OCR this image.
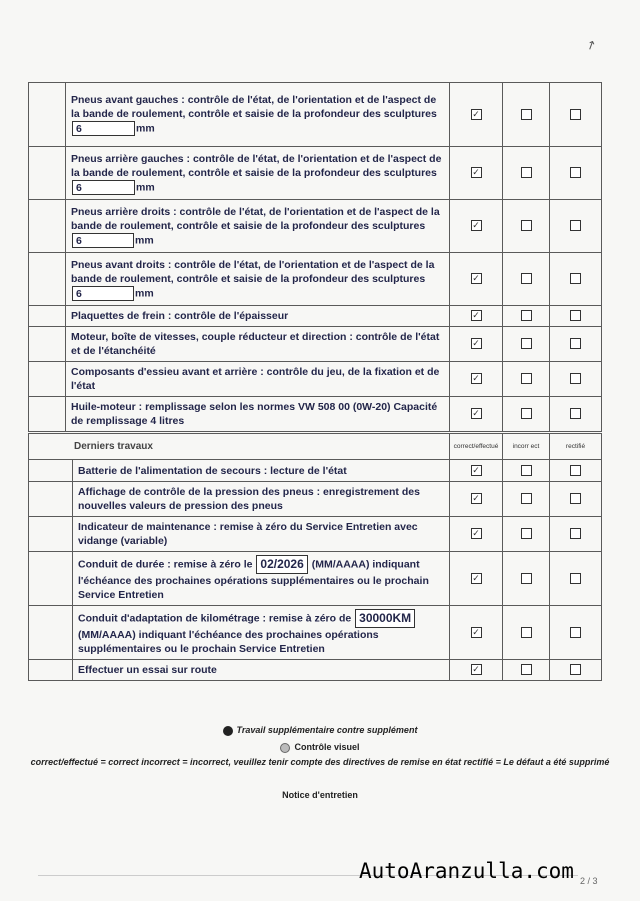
↗
	Pneus avant gauches : contrôle de l'état, de l'orientation et de l'aspect de la bande de roulement, contrôle et saisie de la profondeur des sculptures 6 mm	✓		
	Pneus arrière gauches : contrôle de l'état, de l'orientation et de l'aspect de la bande de roulement, contrôle et saisie de la profondeur des sculptures 6 mm	✓		
	Pneus arrière droits : contrôle de l'état, de l'orientation et de l'aspect de la bande de roulement, contrôle et saisie de la profondeur des sculptures 6 mm	✓		
	Pneus avant droits : contrôle de l'état, de l'orientation et de l'aspect de la bande de roulement, contrôle et saisie de la profondeur des sculptures 6 mm	✓		
	Plaquettes de frein : contrôle de l'épaisseur	✓		
	Moteur, boîte de vitesses, couple réducteur et direction : contrôle de l'état et de l'étanchéité	✓		
	Composants d'essieu avant et arrière : contrôle du jeu, de la fixation et de l'état	✓		
	Huile-moteur : remplissage selon les normes VW 508 00 (0W-20) Capacité de remplissage 4 litres	✓		
Derniers travaux		correct/effectué	incorr ect	rectifié
	Batterie de l'alimentation de secours : lecture de l'état	✓		
	Affichage de contrôle de la pression des pneus : enregistrement des nouvelles valeurs de pression des pneus	✓		
	Indicateur de maintenance : remise à zéro du Service Entretien avec vidange (variable)	✓		
	Conduit de durée : remise à zéro le 02/2026 (MM/AAAA) indiquant l'échéance des prochaines opérations supplémentaires ou le prochain Service Entretien	✓		
	Conduit d'adaptation de kilométrage : remise à zéro de 30000KM (MM/AAAA) indiquant l'échéance des prochaines opérations supplémentaires ou le prochain Service Entretien	✓		
	Effectuer un essai sur route	✓		
Travail supplémentaire contre supplément
Contrôle visuel
correct/effectué = correct incorrect = incorrect, veuillez tenir compte des directives de remise en état rectifié = Le défaut a été supprimé
Notice d'entretien
AutoAranzulla.com 2 / 3
